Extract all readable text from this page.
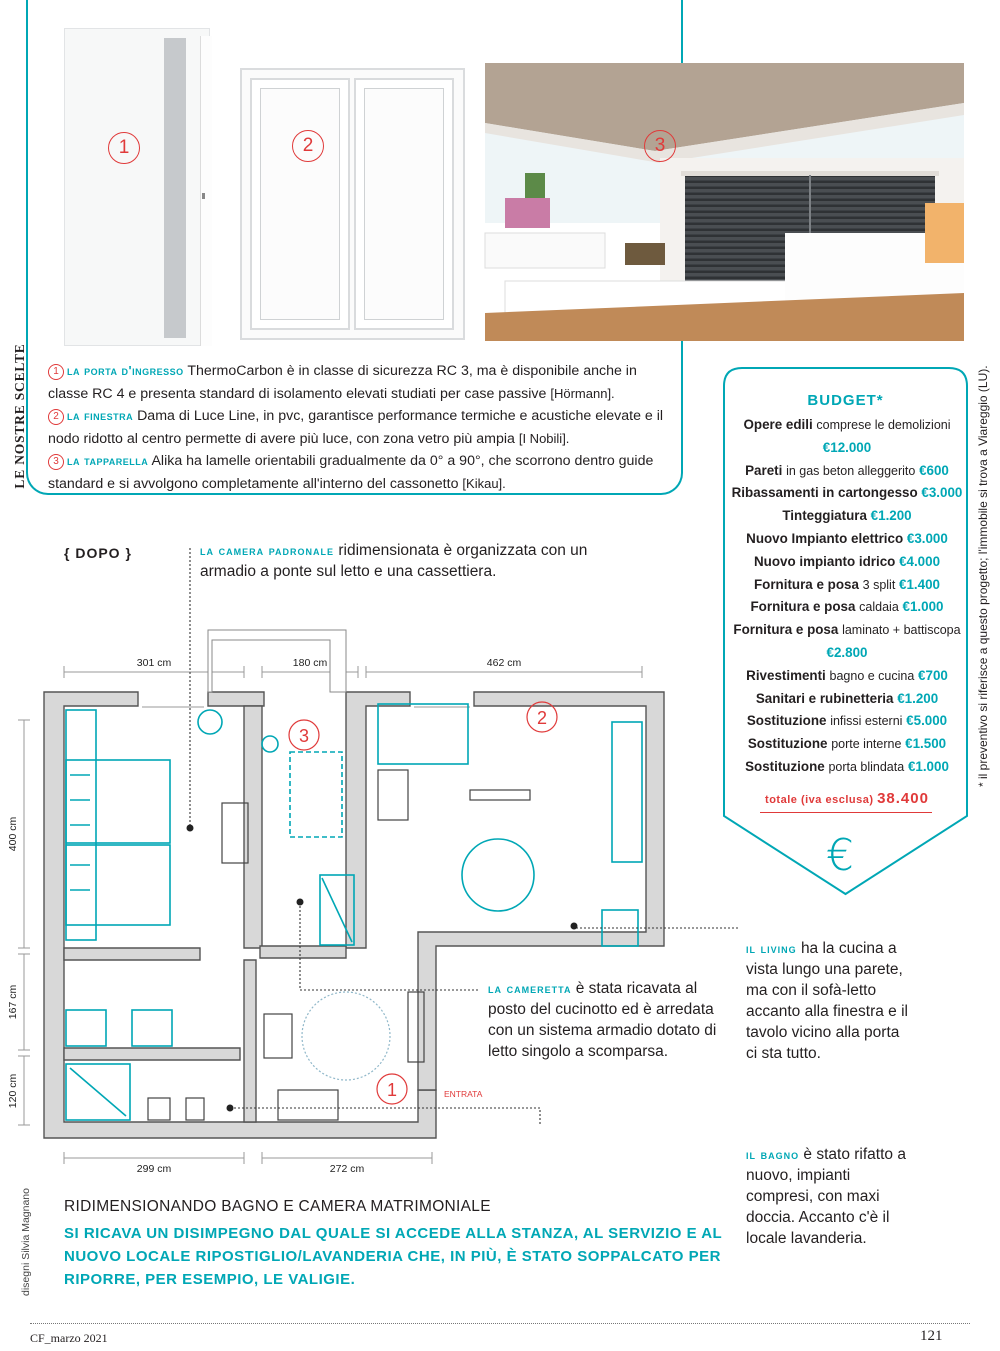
1	2	3

1 la porta d'ingresso ThermoCarbon è in classe di sicurezza RC 3, ma è disponibile anche in classe RC 4 e presenta standard di isolamento elevati studiati per case passive [Hörmann].

2 la finestra Dama di Luce Line, in pvc, garantisce performance termiche e acustiche elevate e il nodo ridotto al centro permette di avere più luce, con zona vetro più ampia [I Nobili].

3 la tapparella Alika ha lamelle orientabili gradualmente da 0° a 90°, che scorrono dentro guide standard e si avvolgono completamente all'interno del cassonetto [Kikau].

LE NOSTRE SCELTE	* il preventivo si riferisce a questo progetto; l'immobile si trova a Viareggio (LU).
BUDGET*
Opere edili comprese le demolizioni €12.000
Pareti in gas beton alleggerito €600
Ribassamenti in cartongesso €3.000
Tinteggiatura €1.200
Nuovo Impianto elettrico €3.000
Nuovo impianto idrico €4.000
Fornitura e posa 3 split €1.400
Fornitura e posa caldaia €1.000
Fornitura e posa laminato + battiscopa €2.800
Rivestimenti bagno e cucina €700
Sanitari e rubinetteria €1.200
Sostituzione infissi esterni €5.000
Sostituzione porte interne €1.500
Sostituzione porta blindata €1.000
totale (iva esclusa) 38.400
€
{ DOPO }
3
2
1
301 cm	180 cm	462 cm
299 cm	272 cm
400 cm
167 cm
120 cm	ENTRATA
la camera padronale ridimensionata è organizzata con un armadio a ponte sul letto e una cassettiera.
la cameretta è stata ricavata al posto del cucinotto ed è arredata con un sistema armadio dotato di letto singolo a scomparsa.
il living ha la cucina a vista lungo una parete, ma con il sofà-letto accanto alla finestra e il tavolo vicino alla porta ci sta tutto.
il bagno è stato rifatto a nuovo, impianti compresi, con maxi doccia. Accanto c'è il locale lavanderia.
RIDIMENSIONANDO BAGNO E CAMERA MATRIMONIALE
SI RICAVA UN DISIMPEGNO DAL QUALE SI ACCEDE ALLA STANZA, AL SERVIZIO E AL NUOVO LOCALE RIPOSTIGLIO/LAVANDERIA CHE, IN PIÙ, È STATO SOPPALCATO PER RIPORRE, PER ESEMPIO, LE VALIGIE.
disegni Silvia Magnano
CF_marzo 2021	121
